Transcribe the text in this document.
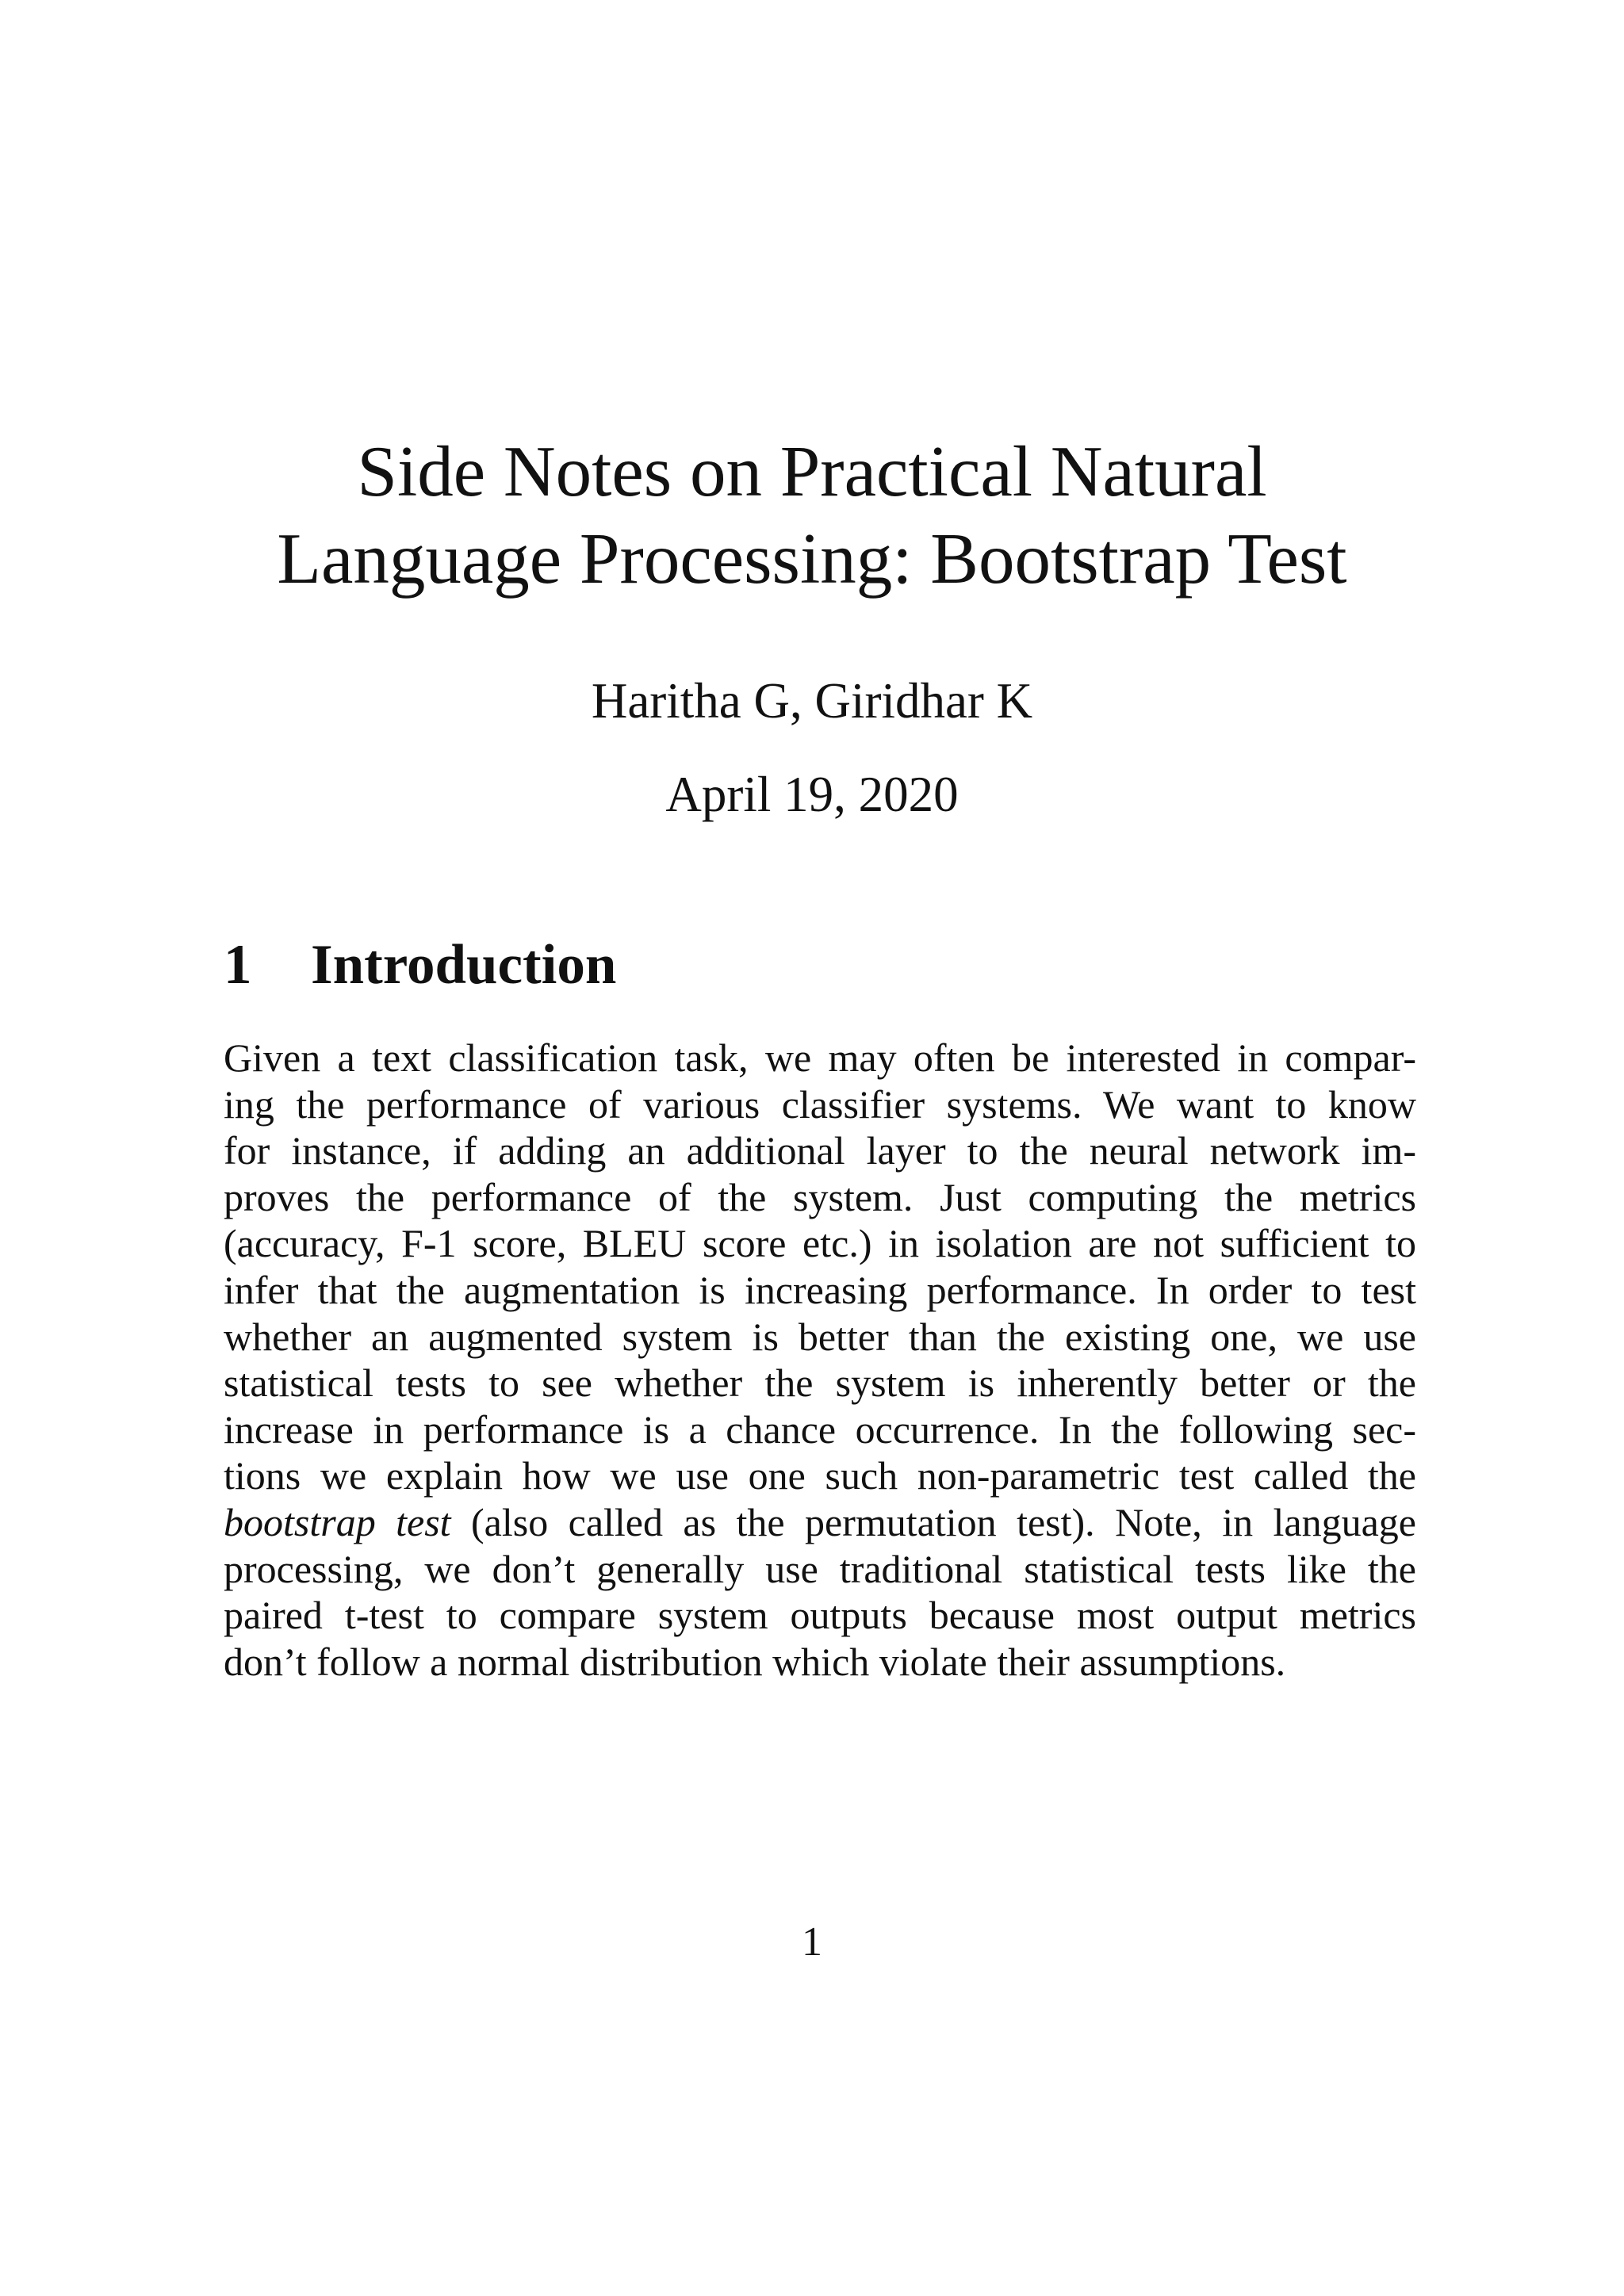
Side Notes on Practical Natural
Language Processing: Bootstrap Test

Haritha G, Giridhar K

April 19, 2020

1 Introduction
Given a text classification task, we may often be interested in compar-
ing the performance of various classifier systems. We want to know
for instance, if adding an additional layer to the neural network im-
proves the performance of the system. Just computing the metrics
(accuracy, F-1 score, BLEU score etc.) in isolation are not sufficient to
infer that the augmentation is increasing performance. In order to test
whether an augmented system is better than the existing one, we use
statistical tests to see whether the system is inherently better or the
increase in performance is a chance occurrence. In the following sec-
tions we explain how we use one such non-parametric test called the
bootstrap test (also called as the permutation test). Note, in language
processing, we don’t generally use traditional statistical tests like the
paired t-test to compare system outputs because most output metrics
don’t follow a normal distribution which violate their assumptions.

1
